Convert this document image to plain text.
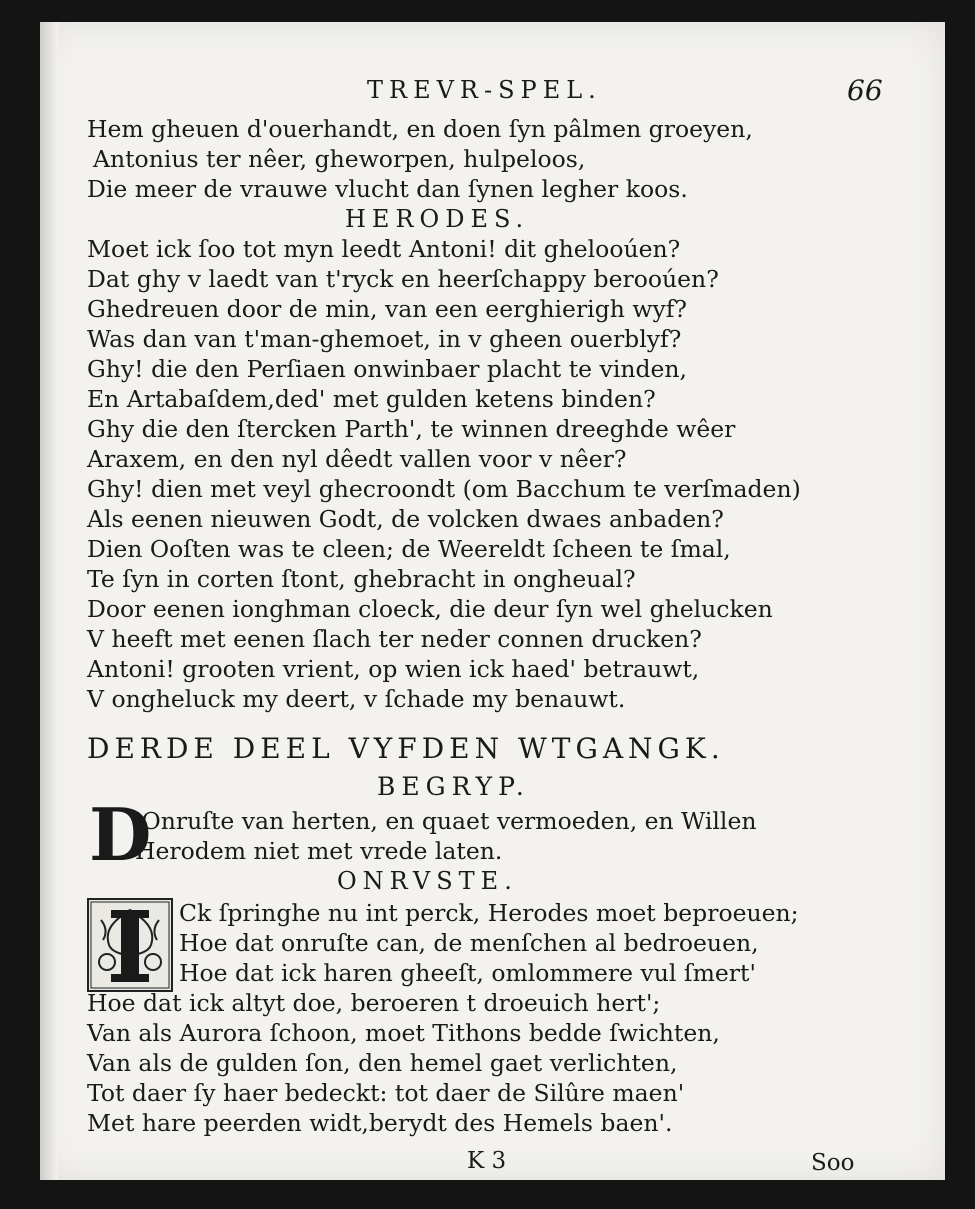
TREVR-SPEL.	66
Hem gheuen d'ouerhandt, en doen ſyn pâlmen groeyen,
Antonius ter nêer, gheworpen, hulpeloos,
Die meer de vrauwe vlucht dan ſynen legher koos.
HERODES.
Moet ick ſoo tot myn leedt Antoni! dit ghelooúen?
Dat ghy v laedt van t'ryck en heerſchappy berooúen?
Ghedreuen door de min, van een eerghierigh wyf?
Was dan van t'man-ghemoet, in v gheen ouerblyf?
Ghy! die den Perſiaen onwinbaer placht te vinden,
En Artabaſdem,ded' met gulden ketens binden?
Ghy die den ſtercken Parth', te winnen dreeghde wêer
Araxem, en den nyl dêedt vallen voor v nêer?
Ghy! dien met veyl ghecroondt (om Bacchum te verſmaden)
Als eenen nieuwen Godt, de volcken dwaes anbaden?
Dien Ooſten was te cleen; de Weereldt ſcheen te ſmal,
Te ſyn in corten ſtont, ghebracht in ongheual?
Door eenen ionghman cloeck, die deur ſyn wel ghelucken
V heeft met eenen ſlach ter neder connen drucken?
Antoni! grooten vrient, op wien ick haed' betrauwt,
V ongheluck my deert, v ſchade my benauwt.
DERDE DEEL VYFDEN WTGANGK.
BEGRYP.
D
'Onruſte van herten, en quaet vermoeden, en Willen
Herodem niet met vrede laten.
ONRVSTE.
Ck ſpringhe nu int perck, Herodes moet beproeuen;
Hoe dat onruſte can, de menſchen al bedroeuen,
Hoe dat ick haren gheeſt, omlommere vul ſmert'
Hoe dat ick altyt doe, beroeren t droeuich hert';
Van als Aurora ſchoon, moet Tithons bedde ſwichten,
Van als de gulden ſon, den hemel gaet verlichten,
Tot daer ſy haer bedeckt: tot daer de Silûre maen'
Met hare peerden widt,berydt des Hemels baen'.
K 3	Soo
